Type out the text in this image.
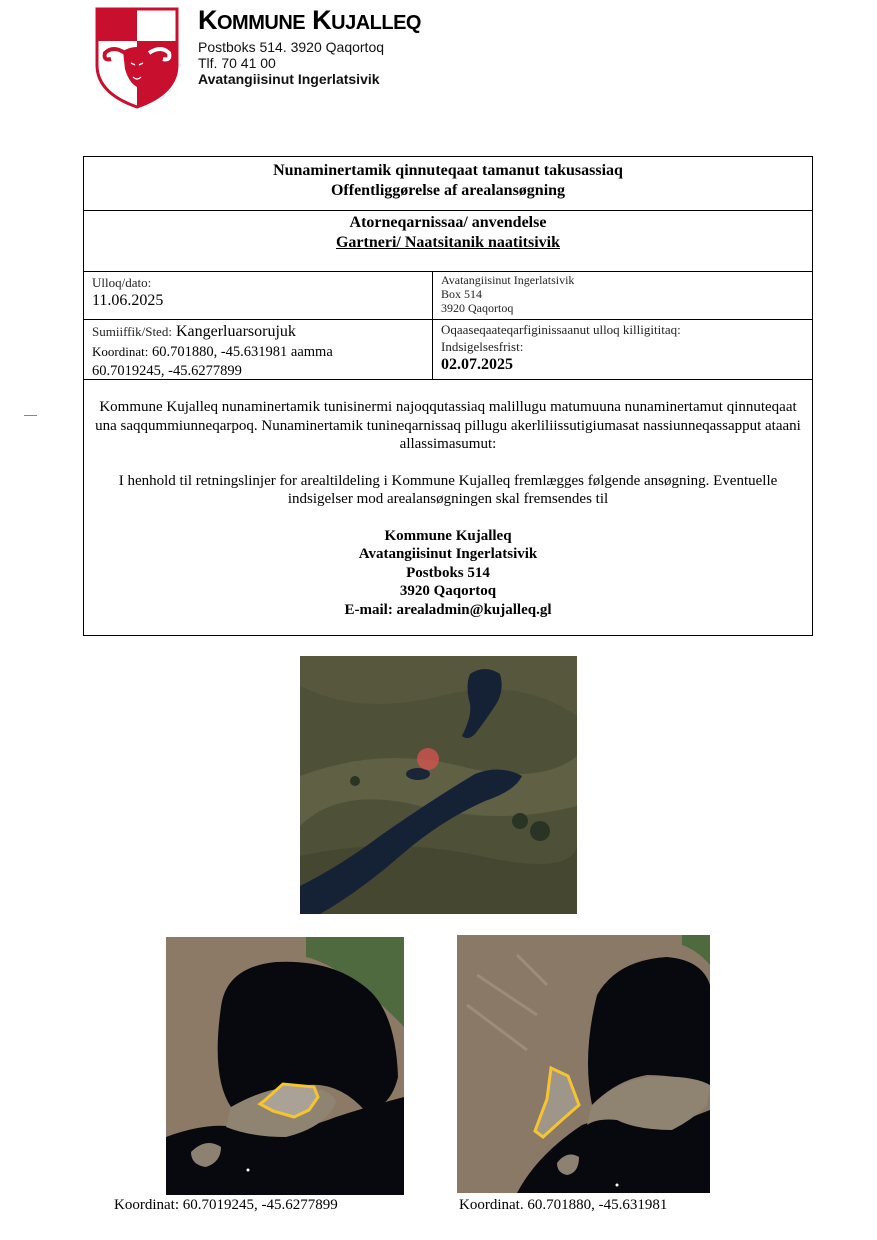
KOMMUNE KUJALLEQ
Postboks 514. 3920 Qaqortoq
Tlf. 70 41 00
Avatangiisinut Ingerlatsivik
Nunaminertamik qinnuteqaat tamanut takusassiaq
Offentliggørelse af arealansøgning
Atorneqarnissaa/ anvendelse
Gartneri/ Naatsitanik naatitsivik
Ulloq/dato:
11.06.2025
Avatangiisinut Ingerlatsivik
Box 514
3920 Qaqortoq
Sumiiffik/Sted: Kangerluarsorujuk
Koordinat: 60.701880, -45.631981 aamma
60.7019245, -45.6277899
Oqaaseqaateqarfiginissaanut ulloq killigititaq:
Indsigelsesfrist:
02.07.2025

Kommune Kujalleq nunaminertamik tunisinermi najoqqutassiaq malillugu matumuuna nunaminertamut qinnuteqaat una saqqummiunneqarpoq. Nunaminertamik tunineqarnissaq pillugu akerliliissutigiumasat nassiunneqassapput ataani allassimasumut:

I henhold til retningslinjer for arealtildeling i Kommune Kujalleq fremlægges følgende ansøgning. Eventuelle indsigelser mod arealansøgningen skal fremsendes til

Kommune Kujalleq
Avatangiisinut Ingerlatsivik
Postboks 514
3920 Qaqortoq
E-mail: arealadmin@kujalleq.gl
Koordinat: 60.7019245, -45.6277899	Koordinat. 60.701880, -45.631981
